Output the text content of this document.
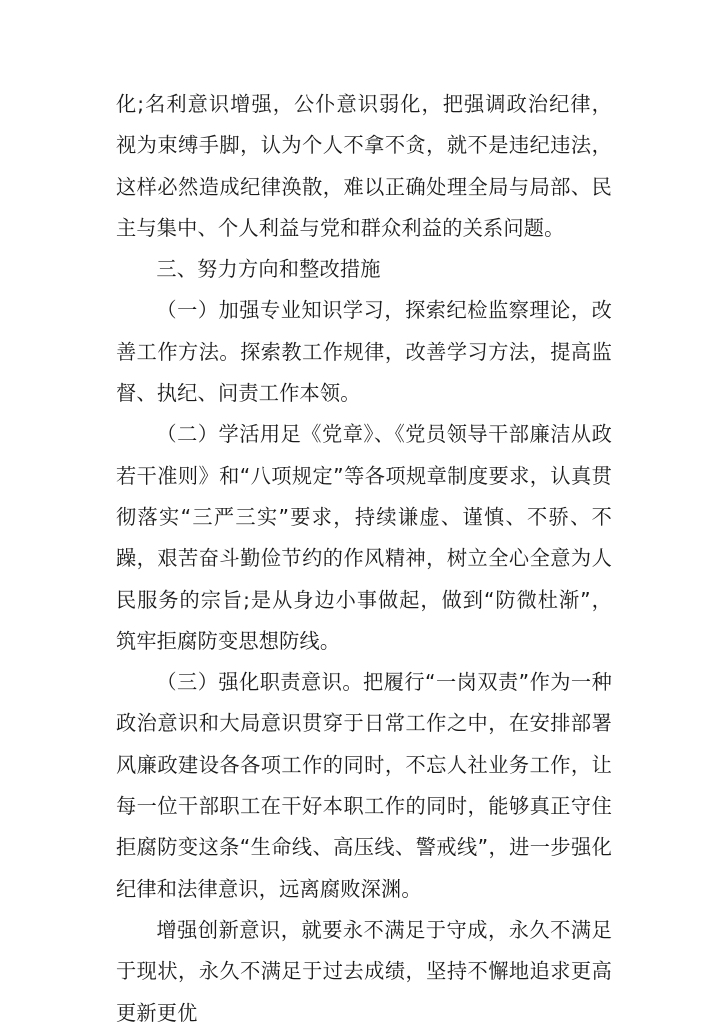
化;名利意识增强，公仆意识弱化，把强调政治纪律，视为束缚手脚，认为个人不拿不贪，就不是违纪违法，这样必然造成纪律涣散，难以正确处理全局与局部、民主与集中、个人利益与党和群众利益的关系问题。

三、努力方向和整改措施

（一）加强专业知识学习，探索纪检监察理论，改善工作方法。探索教工作规律，改善学习方法，提高监督、执纪、问责工作本领。

（二）学活用足《党章》、《党员领导干部廉洁从政若干准则》和“八项规定”等各项规章制度要求，认真贯彻落实“三严三实”要求，持续谦虚、谨慎、不骄、不躁，艰苦奋斗勤俭节约的作风精神，树立全心全意为人民服务的宗旨;是从身边小事做起，做到“防微杜渐”，筑牢拒腐防变思想防线。

（三）强化职责意识。把履行“一岗双责”作为一种政治意识和大局意识贯穿于日常工作之中，在安排部署风廉政建设各各项工作的同时，不忘人社业务工作，让每一位干部职工在干好本职工作的同时，能够真正守住拒腐防变这条“生命线、高压线、警戒线”，进一步强化纪律和法律意识，远离腐败深渊。

增强创新意识，就要永不满足于守成，永久不满足于现状，永久不满足于过去成绩，坚持不懈地追求更高更新更优
